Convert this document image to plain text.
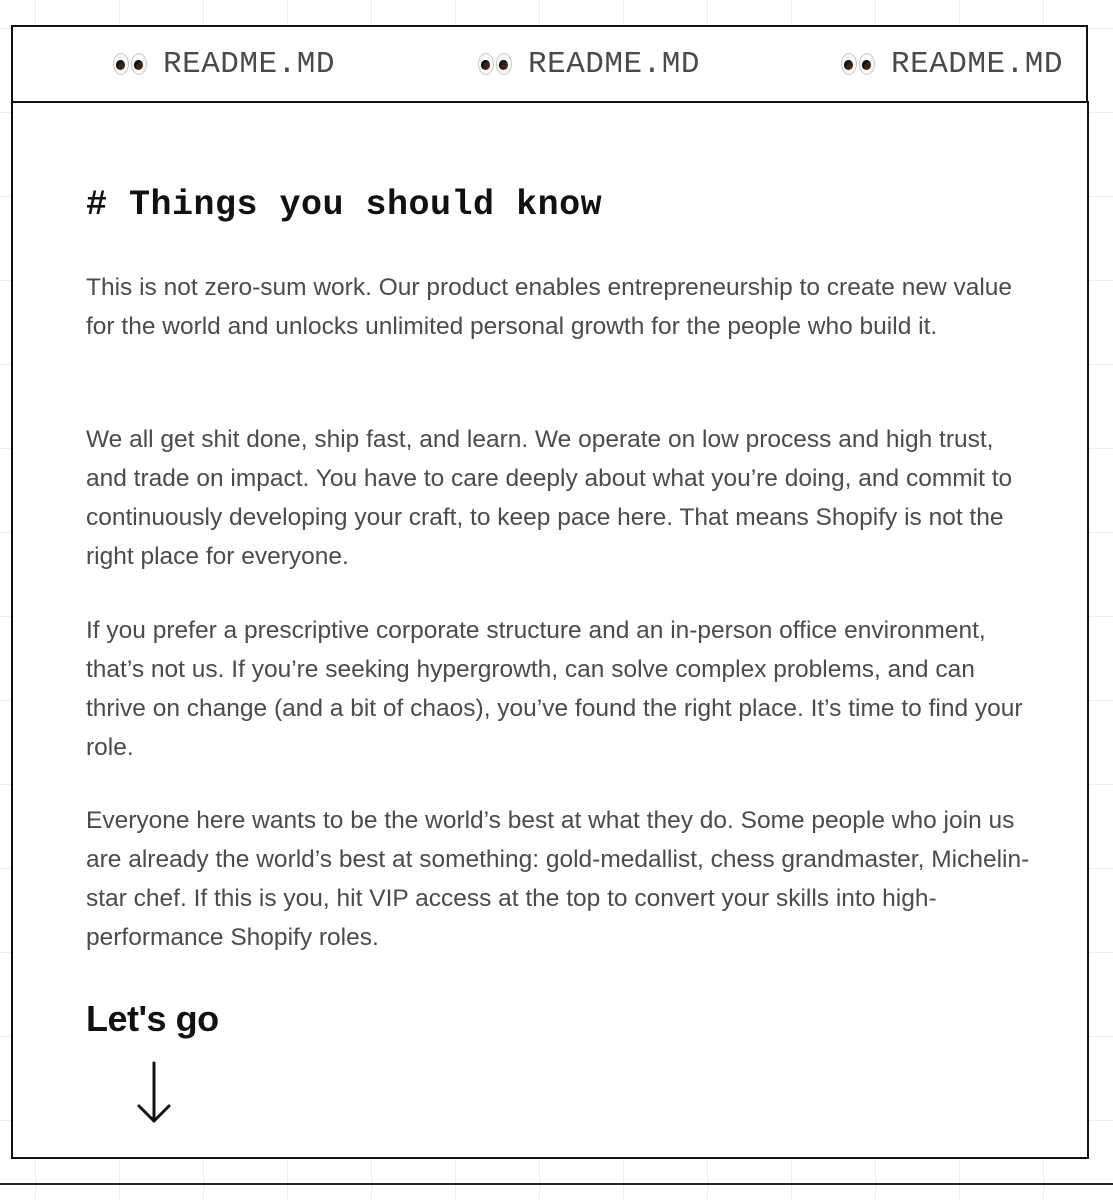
README.MD	README.MD	README.MD
# Things you should know

This is not zero-sum work. Our product enables entrepreneurship to create new value for the world and unlocks unlimited personal growth for the people who build it.

We all get shit done, ship fast, and learn. We operate on low process and high trust, and trade on impact. You have to care deeply about what you’re doing, and commit to continuously developing your craft, to keep pace here. That means Shopify is not the right place for everyone.

If you prefer a prescriptive corporate structure and an in-person office environment, that’s not us. If you’re seeking hypergrowth, can solve complex problems, and can thrive on change (and a bit of chaos), you’ve found the right place. It’s time to find your role.

Everyone here wants to be the world’s best at what they do. Some people who join us are already the world’s best at something: gold-medallist, chess grandmaster, Michelin-star chef. If this is you, hit VIP access at the top to convert your skills into high-performance Shopify roles.

Let's go
